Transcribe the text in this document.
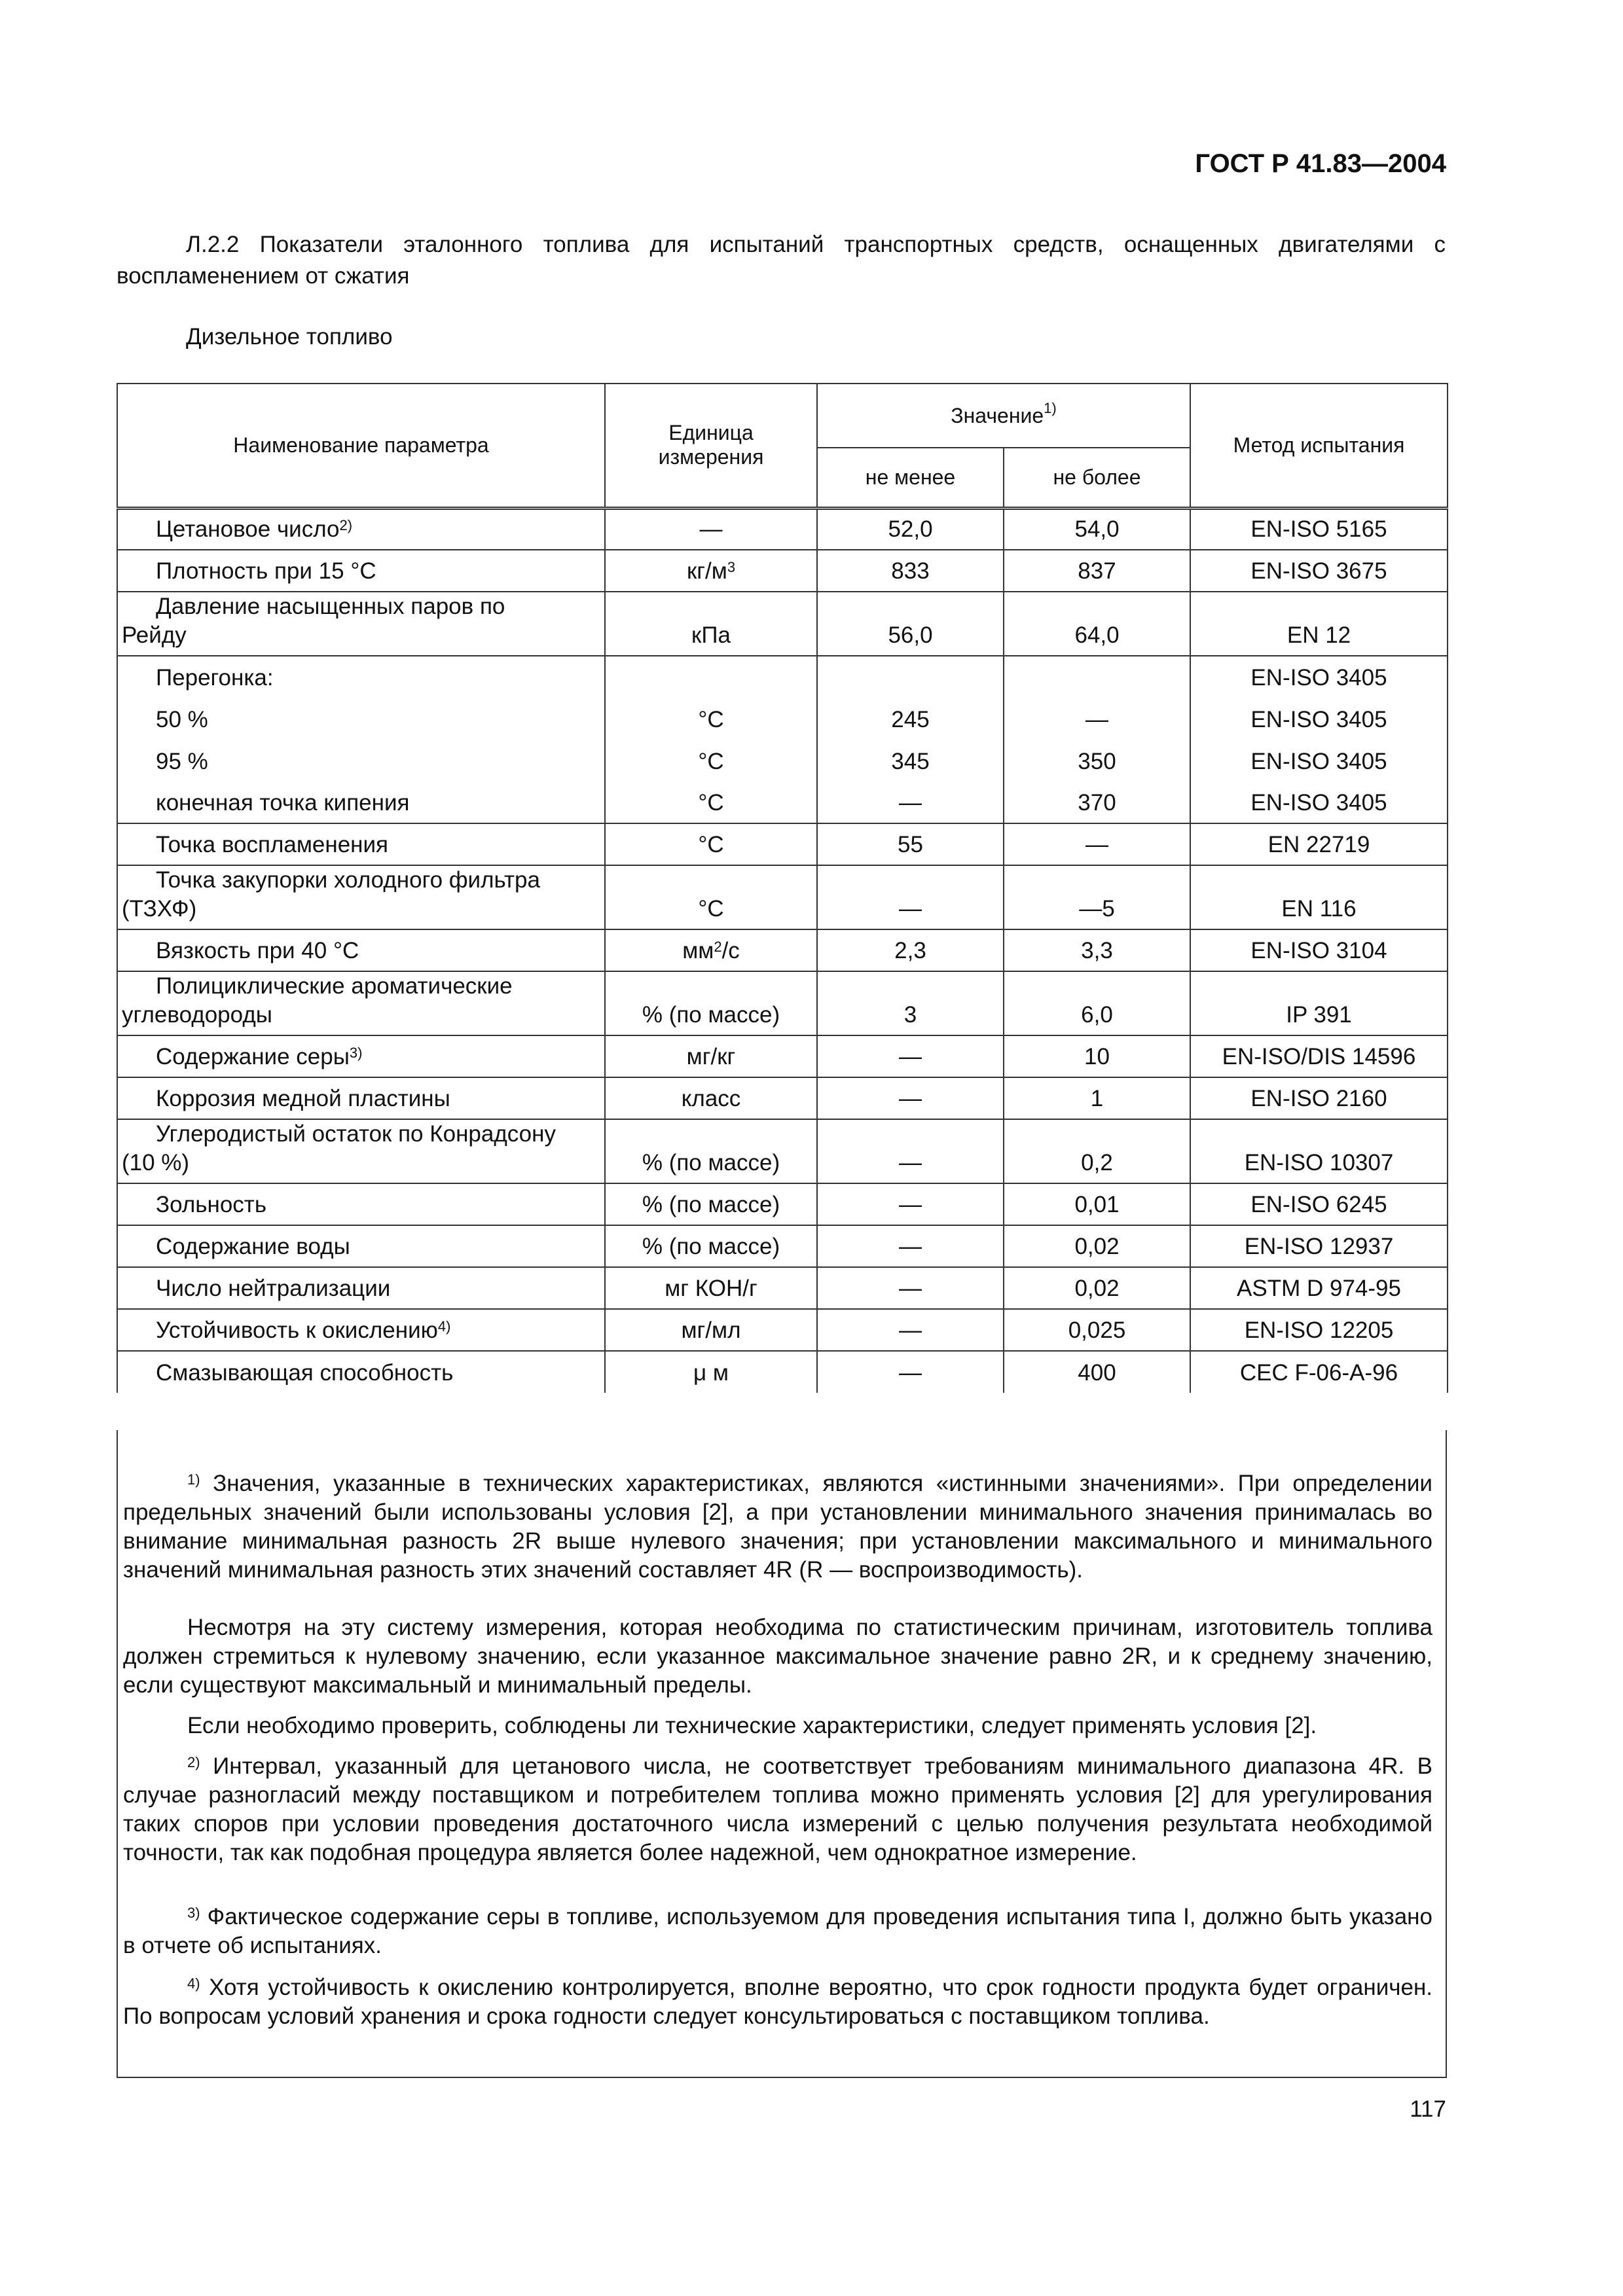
ГОСТ Р 41.83—2004
Л.2.2 Показатели эталонного топлива для испытаний транспортных средств, оснащенных двигателями с воспламенением от сжатия
Дизельное топливо
Наименование параметра	Единица измерения	Значение$^{1)}$		Метод испытания
		не менее	не более	
Цетановое число$^{2)}$	—	52,0	54,0	EN-ISO 5165
Плотность при 15 °С	$кг/м^3$	833	837	EN-ISO 3675
Давление насыщенных паров по
Рейду	кПа	56,0	64,0	EN 12
Перегонка:				EN-ISO 3405
50 %	°С	245	—	EN-ISO 3405
95 %	°С	345	350	EN-ISO 3405
конечная точка кипения	°С	—	370	EN-ISO 3405
Точка воспламенения	°С	55	—	EN 22719
Точка закупорки холодного фильтра
(ТЗХФ)	°С	—	—5	EN 116
Вязкость при 40 °С	$мм^2/с$	2,3	3,3	EN-ISO 3104
Полициклические ароматические
углеводороды	% (по массе)	3	6,0	IP 391
Содержание серы$^{3)}$	мг/кг	—	10	EN-ISO/DIS 14596
Коррозия медной пластины	класс	—	1	EN-ISO 2160
Углеродистый остаток по Конрадсону
(10 %)	% (по массе)	—	0,2	EN-ISO 10307
Зольность	% (по массе)	—	0,01	EN-ISO 6245
Содержание воды	% (по массе)	—	0,02	EN-ISO 12937
Число нейтрализации	мг КОН/г	—	0,02	ASTM D 974-95
Устойчивость к окислению$^{4)}$	мг/мл	—	0,025	EN-ISO 12205
Смазывающая способность	μ м	—	400	CEC F-06-A-96
$^{1)}$ Значения, указанные в технических характеристиках, являются «истинными значениями». При определении предельных значений были использованы условия [2], а при установлении минимального значения принималась во внимание минимальная разность 2R выше нулевого значения; при установлении максимального и минимального значений минимальная разность этих значений составляет 4R (R — воспроизводимость).
Несмотря на эту систему измерения, которая необходима по статистическим причинам, изготовитель топлива должен стремиться к нулевому значению, если указанное максимальное значение равно 2R, и к среднему значению, если существуют максимальный и минимальный пределы.
Если необходимо проверить, соблюдены ли технические характеристики, следует применять условия [2].
$^{2)}$ Интервал, указанный для цетанового числа, не соответствует требованиям минимального диапазона 4R. В случае разногласий между поставщиком и потребителем топлива можно применять условия [2] для урегулирования таких споров при условии проведения достаточного числа измерений с целью получения результата необходимой точности, так как подобная процедура является более надежной, чем однократное измерение.
$^{3)}$ Фактическое содержание серы в топливе, используемом для проведения испытания типа I, должно быть указано в отчете об испытаниях.
$^{4)}$ Хотя устойчивость к окислению контролируется, вполне вероятно, что срок годности продукта будет ограничен. По вопросам условий хранения и срока годности следует консультироваться с поставщиком топлива.
117
